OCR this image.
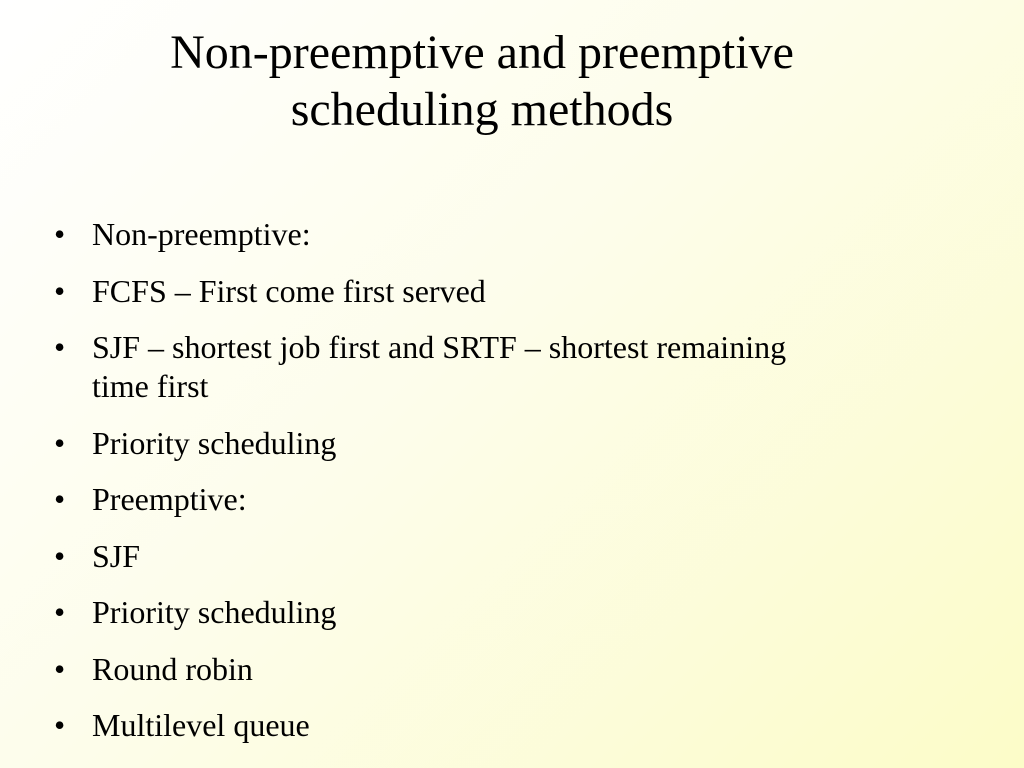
Non-preemptive and preemptive
scheduling methods
• Non-preemptive:
• FCFS – First come first served
• SJF – shortest job first and SRTF – shortest remaining time first
• Priority scheduling
• Preemptive:
• SJF
• Priority scheduling
• Round robin
• Multilevel queue
